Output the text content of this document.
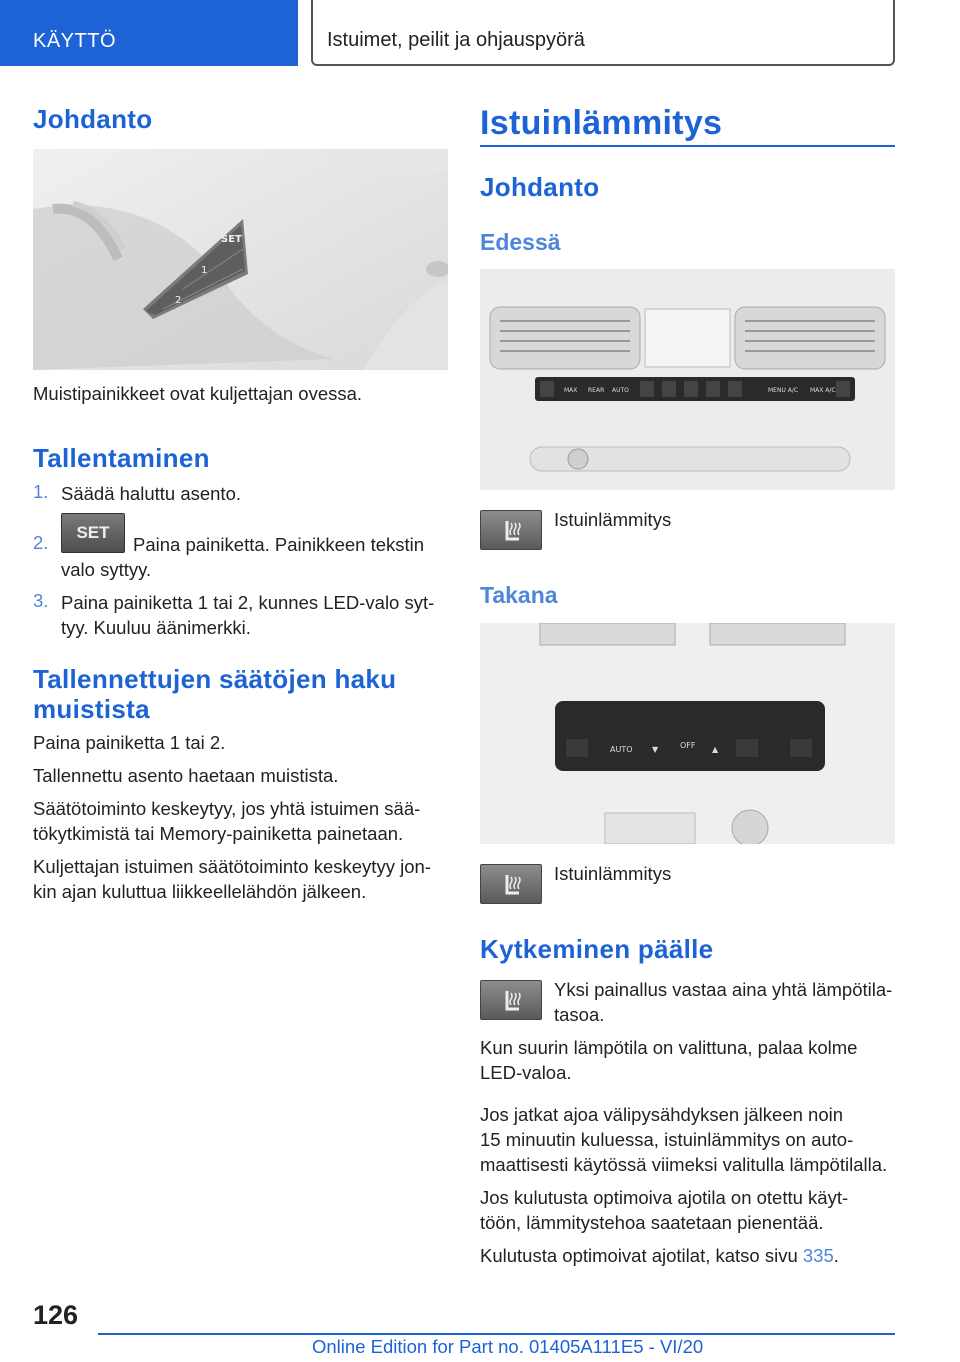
KÄYTTÖ	Istuimet, peilit ja ohjauspyörä
Johdanto
SET
1
2
Muistipainikkeet ovat kuljettajan ovessa.
Tallentaminen
1. Säädä haluttu asento.
2.	SET
Paina painiketta. Painikkeen tekstin
valo syttyy.
3. Paina painiketta 1 tai 2, kunnes LED-valo syt-
tyy. Kuuluu äänimerkki.
Tallennettujen säätöjen haku
muistista
Paina painiketta 1 tai 2.
Tallennettu asento haetaan muistista.
Säätötoiminto keskeytyy, jos yhtä istuimen sää-
tökytkimistä tai Memory-painiketta painetaan.
Kuljettajan istuimen säätötoiminto keskeytyy jon-
kin ajan kuluttua liikkeellelähdön jälkeen.
Istuinlämmitys
Johdanto
Edessä
MAX REAR AUTO	MENU A/C MAX A/C
Istuinlämmitys
Takana
AUTO ▼	OFF ▲
Istuinlämmitys
Kytkeminen päälle
Yksi painallus vastaa aina yhtä lämpötila-
tasoa.
Kun suurin lämpötila on valittuna, palaa kolme
LED-valoa.
Jos jatkat ajoa välipysähdyksen jälkeen noin
15 minuutin kuluessa, istuinlämmitys on auto-
maattisesti käytössä viimeksi valitulla lämpötilalla.
Jos kulutusta optimoiva ajotila on otettu käyt-
töön, lämmitystehoa saatetaan pienentää.
Kulutusta optimoivat ajotilat, katso sivu 335.
126
Online Edition for Part no. 01405A111E5 - VI/20
